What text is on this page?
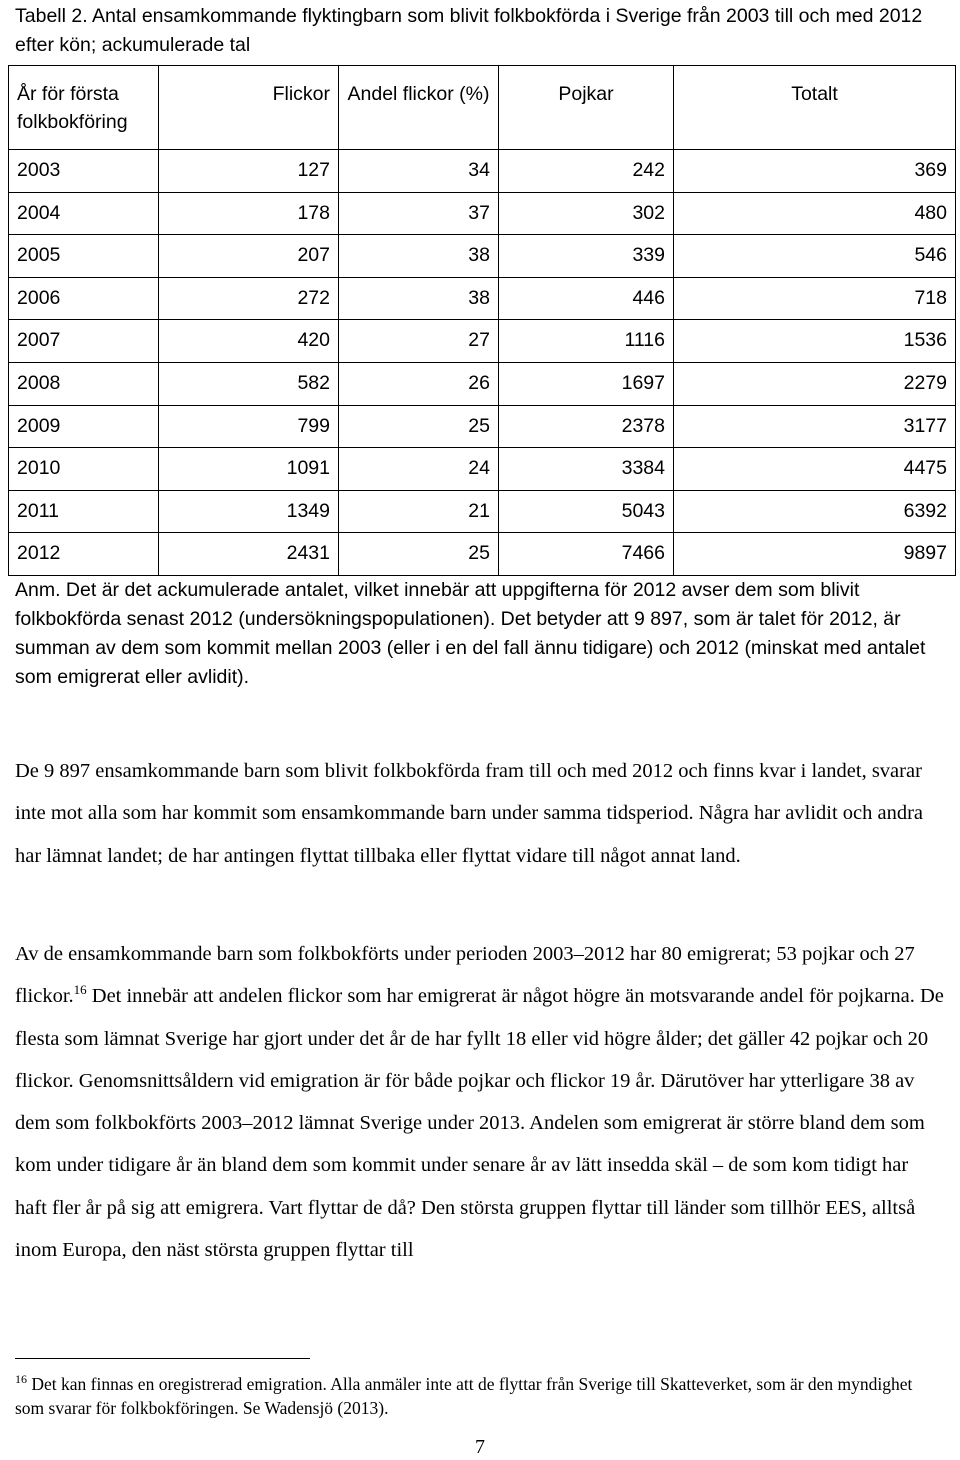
Tabell 2. Antal ensamkommande flyktingbarn som blivit folkbokförda i Sverige från 2003 till och med 2012 efter kön; ackumulerade tal
År för första folkbokföring	Flickor	Andel flickor (%)	Pojkar	Totalt
2003	127	34	242	369
2004	178	37	302	480
2005	207	38	339	546
2006	272	38	446	718
2007	420	27	1116	1536
2008	582	26	1697	2279
2009	799	25	2378	3177
2010	1091	24	3384	4475
2011	1349	21	5043	6392
2012	2431	25	7466	9897
Anm. Det är det ackumulerade antalet, vilket innebär att uppgifterna för 2012 avser dem som blivit folkbokförda senast 2012 (undersökningspopulationen). Det betyder att 9 897, som är talet för 2012, är summan av dem som kommit mellan 2003 (eller i en del fall ännu tidigare) och 2012 (minskat med antalet som emigrerat eller avlidit).

De 9 897 ensamkommande barn som blivit folkbokförda fram till och med 2012 och finns kvar i landet, svarar inte mot alla som har kommit som ensamkommande barn under samma tidsperiod. Några har avlidit och andra har lämnat landet; de har antingen flyttat tillbaka eller flyttat vidare till något annat land.

Av de ensamkommande barn som folkbokförts under perioden 2003–2012 har 80 emigrerat; 53 pojkar och 27 flickor.$^{16}$ Det innebär att andelen flickor som har emigrerat är något högre än motsvarande andel för pojkarna. De flesta som lämnat Sverige har gjort under det år de har fyllt 18 eller vid högre ålder; det gäller 42 pojkar och 20 flickor. Genomsnittsåldern vid emigration är för både pojkar och flickor 19 år. Därutöver har ytterligare 38 av dem som folkbokförts 2003–2012 lämnat Sverige under 2013. Andelen som emigrerat är större bland dem som kom under tidigare år än bland dem som kommit under senare år av lätt insedda skäl – de som kom tidigt har haft fler år på sig att emigrera. Vart flyttar de då? Den största gruppen flyttar till länder som tillhör EES, alltså inom Europa, den näst största gruppen flyttar till

$^{16}$ Det kan finnas en oregistrerad emigration. Alla anmäler inte att de flyttar från Sverige till Skatteverket, som är den myndighet som svarar för folkbokföringen. Se Wadensjö (2013).
7
